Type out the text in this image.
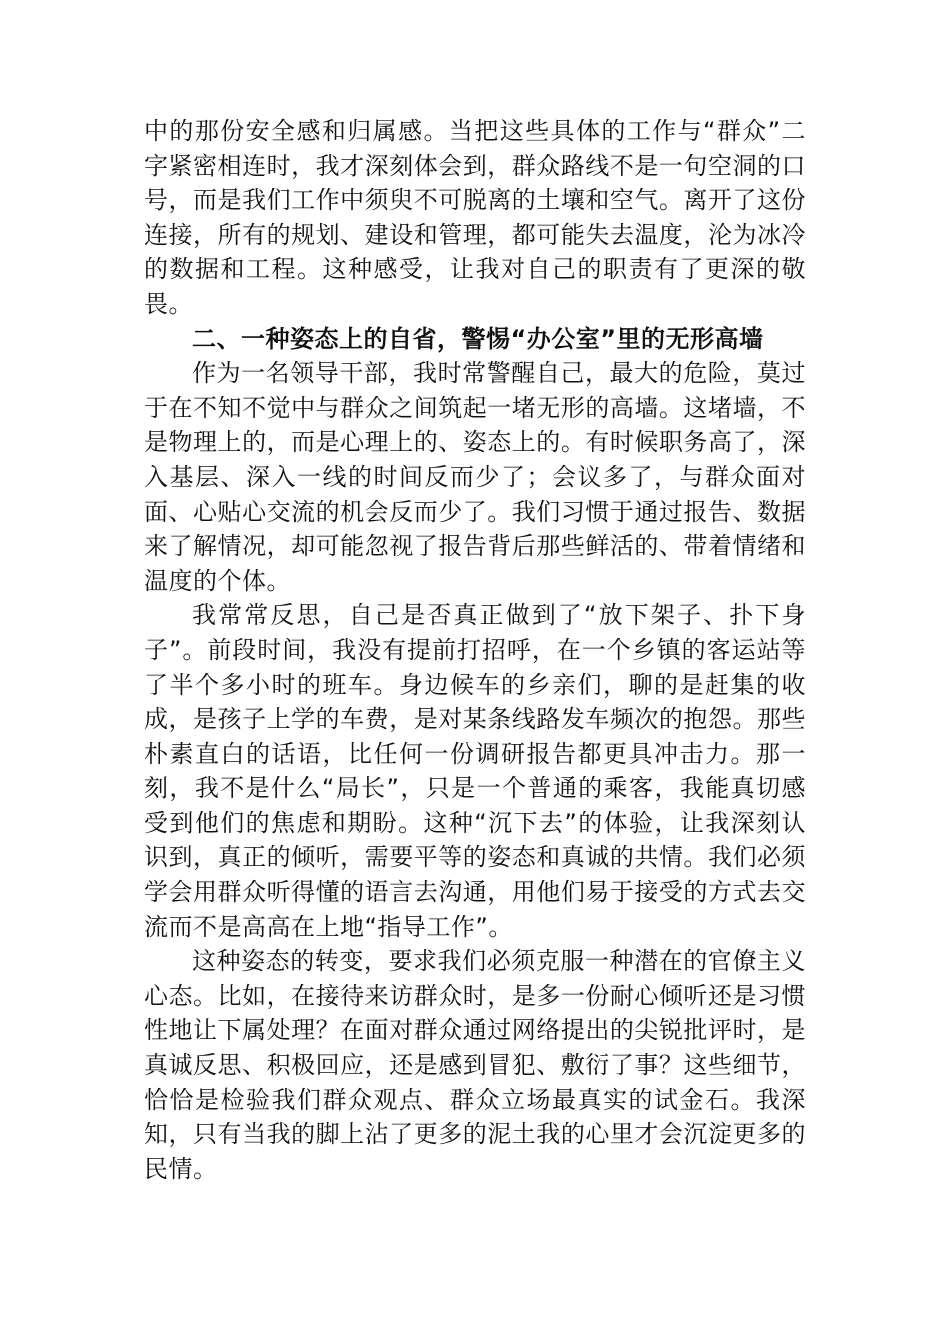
中的那份安全感和归属感。当把这些具体的工作与“群众”二字紧密相连时，我才深刻体会到，群众路线不是一句空洞的口号，而是我们工作中须臾不可脱离的土壤和空气。离开了这份连接，所有的规划、建设和管理，都可能失去温度，沦为冰冷的数据和工程。这种感受，让我对自己的职责有了更深的敬畏。

二、一种姿态上的自省，警惕“办公室”里的无形高墙

作为一名领导干部，我时常警醒自己，最大的危险，莫过于在不知不觉中与群众之间筑起一堵无形的高墙。这堵墙，不是物理上的，而是心理上的、姿态上的。有时候职务高了，深入基层、深入一线的时间反而少了；会议多了，与群众面对面、心贴心交流的机会反而少了。我们习惯于通过报告、数据来了解情况，却可能忽视了报告背后那些鲜活的、带着情绪和温度的个体。

我常常反思，自己是否真正做到了“放下架子、扑下身子”。前段时间，我没有提前打招呼，在一个乡镇的客运站等了半个多小时的班车。身边候车的乡亲们，聊的是赶集的收成，是孩子上学的车费，是对某条线路发车频次的抱怨。那些朴素直白的话语，比任何一份调研报告都更具冲击力。那一刻，我不是什么“局长”，只是一个普通的乘客，我能真切感受到他们的焦虑和期盼。这种“沉下去”的体验，让我深刻认识到，真正的倾听，需要平等的姿态和真诚的共情。我们必须学会用群众听得懂的语言去沟通，用他们易于接受的方式去交流而不是高高在上地“指导工作”。

这种姿态的转变，要求我们必须克服一种潜在的官僚主义心态。比如，在接待来访群众时，是多一份耐心倾听还是习惯性地让下属处理？在面对群众通过网络提出的尖锐批评时，是真诚反思、积极回应，还是感到冒犯、敷衍了事？这些细节，恰恰是检验我们群众观点、群众立场最真实的试金石。我深知，只有当我的脚上沾了更多的泥土我的心里才会沉淀更多的民情。
